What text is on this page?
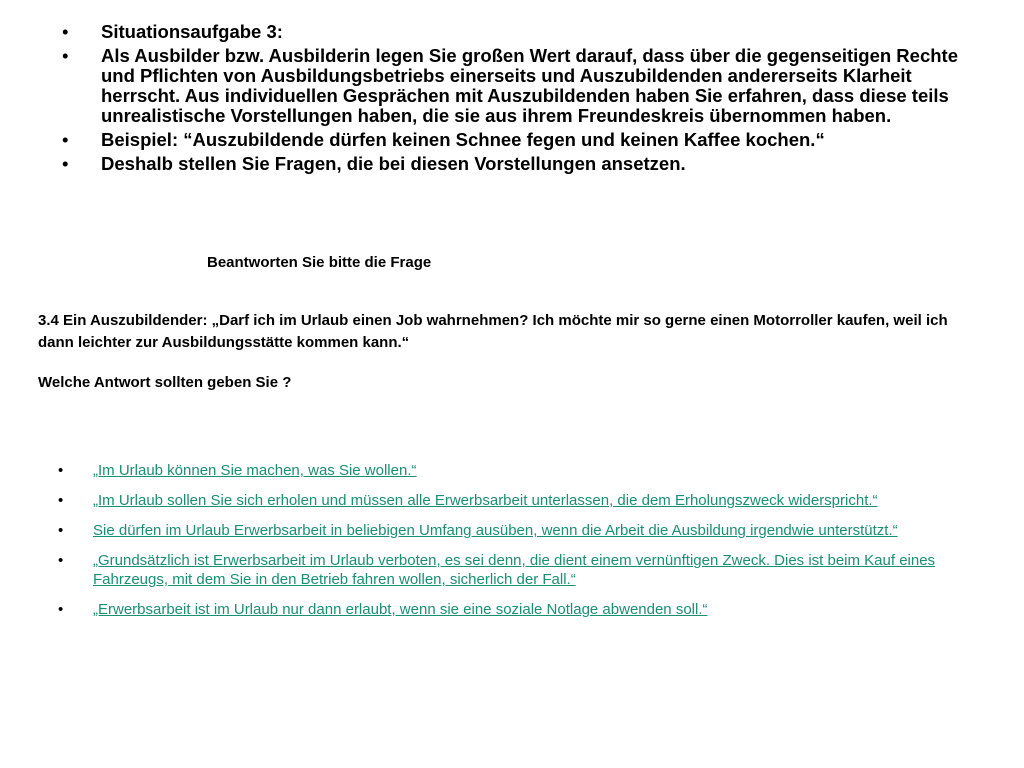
• Situationsaufgabe 3:
• Als Ausbilder bzw. Ausbilderin legen Sie großen Wert darauf, dass über die gegenseitigen Rechte und Pflichten von Ausbildungsbetriebs einerseits und Auszubildenden andererseits Klarheit herrscht. Aus individuellen Gesprächen mit Auszubildenden haben Sie erfahren, dass diese teils unrealistische Vorstellungen haben, die sie aus ihrem Freundeskreis übernommen haben.
• Beispiel: “Auszubildende dürfen keinen Schnee fegen und keinen Kaffee kochen.“
• Deshalb stellen Sie Fragen, die bei diesen Vorstellungen ansetzen.

Beantworten Sie bitte die Frage

3.4 Ein Auszubildender: „Darf ich im Urlaub einen Job wahrnehmen? Ich möchte mir so gerne einen Motorroller kaufen, weil ich dann leichter zur Ausbildungsstätte kommen kann.“

Welche Antwort sollten geben Sie ?

• „Im Urlaub können Sie machen, was Sie wollen.“
• „Im Urlaub sollen Sie sich erholen und müssen alle Erwerbsarbeit unterlassen, die dem Erholungszweck widerspricht.“
• Sie dürfen im Urlaub Erwerbsarbeit in beliebigen Umfang ausüben, wenn die Arbeit die Ausbildung irgendwie unterstützt.“
• „Grundsätzlich ist Erwerbsarbeit im Urlaub verboten, es sei denn, die dient einem vernünftigen Zweck. Dies ist beim Kauf eines Fahrzeugs, mit dem Sie in den Betrieb fahren wollen, sicherlich der Fall.“
• „Erwerbsarbeit ist im Urlaub nur dann erlaubt, wenn sie eine soziale Notlage abwenden soll.“
